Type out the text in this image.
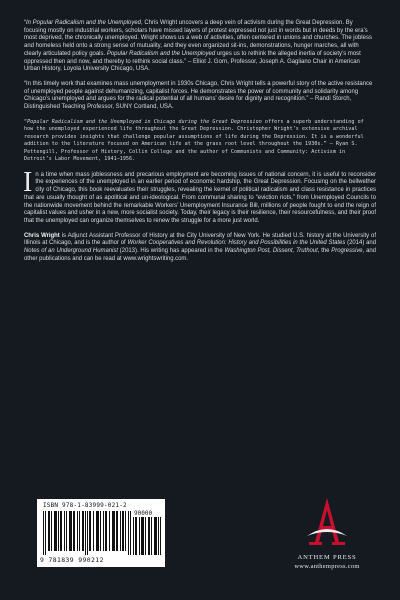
“In Popular Radicalism and the Unemployed, Chris Wright uncovers a deep vein of activism during the Great Depression. By focusing mostly on industrial workers, scholars have missed layers of protest expressed not just in words but in deeds by the era’s most deprived, the chronically unemployed. Wright shows us a web of activities, often centered in unions and churches. The jobless and homeless held onto a strong sense of mutuality, and they even organized sit-ins, demonstrations, hunger marches, all with clearly articulated policy goals. Popular Radicalism and the Unemployed urges us to rethink the alleged inertia of society’s most oppressed then and now, and thereby to rethink social class.” – Elliot J. Gorn, Professor, Joseph A. Gagliano Chair in American Urban History, Loyola University Chicago, USA.

“In this timely work that examines mass unemployment in 1930s Chicago, Chris Wright tells a powerful story of the active resistance of unemployed people against dehumanizing, capitalist forces. He demonstrates the power of community and solidarity among Chicago’s unemployed and argues for the radical potential of all humans’ desire for dignity and recognition.” – Randi Storch, Distinguished Teaching Professor, SUNY Cortland, USA.

“Popular Radicalism and the Unemployed in Chicago during the Great Depression offers a superb understanding of how the unemployed experienced life throughout the Great Depression. Christopher Wright’s extensive archival research provides insights that challenge popular assumptions of life during the Depression. It is a wonderful addition to the literature focused on American life at the grass root level throughout the 1930s.” – Ryan S. Pettengill, Professor of History, Collin College and the author of Communists and Community: Activism in Detroit’s Labor Movement, 1941–1956.

In a time when mass joblessness and precarious employment are becoming issues of national concern, it is useful to reconsider the experiences of the unemployed in an earlier period of economic hardship, the Great Depression. Focusing on the bellwether city of Chicago, this book reevaluates their struggles, revealing the kernel of political radicalism and class resistance in practices that are usually thought of as apolitical and un-ideological. From communal sharing to “eviction riots,” from Unemployed Councils to the nationwide movement behind the remarkable Workers’ Unemployment Insurance Bill, millions of people fought to end the reign of capitalist values and usher in a new, more socialist society. Today, their legacy is their resilience, their resourcefulness, and their proof that the unemployed can organize themselves to renew the struggle for a more just world.

Chris Wright is Adjunct Assistant Professor of History at the City University of New York. He studied U.S. history at the University of Illinois at Chicago, and is the author of Worker Cooperatives and Revolution: History and Possibilities in the United States (2014) and Notes of an Underground Humanist (2013). His writing has appeared in the Washington Post, Dissent, Truthout, the Progressive, and other publications and can be read at www.wrightswriting.com.

ISBN 978-1-83999-021-2
90000
9 781839 990212	ANTHEM PRESS
www.anthempress.com
